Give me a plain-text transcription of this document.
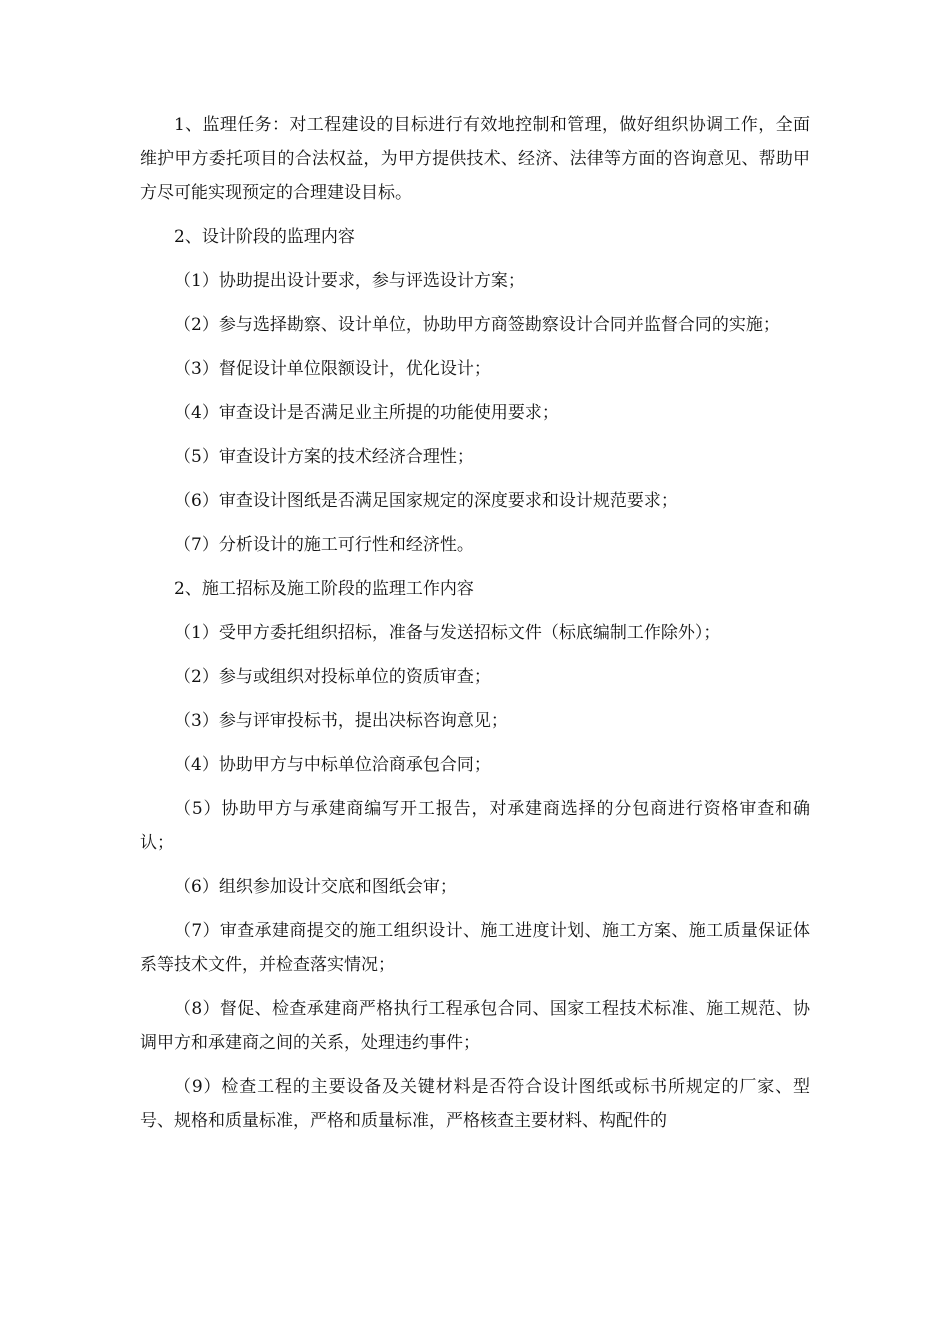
1、监理任务：对工程建设的目标进行有效地控制和管理，做好组织协调工作，全面维护甲方委托项目的合法权益，为甲方提供技术、经济、法律等方面的咨询意见、帮助甲方尽可能实现预定的合理建设目标。

2、设计阶段的监理内容

（1）协助提出设计要求，参与评选设计方案；

（2）参与选择勘察、设计单位，协助甲方商签勘察设计合同并监督合同的实施；

（3）督促设计单位限额设计，优化设计；

（4）审查设计是否满足业主所提的功能使用要求；

（5）审查设计方案的技术经济合理性；

（6）审查设计图纸是否满足国家规定的深度要求和设计规范要求；

（7）分析设计的施工可行性和经济性。

2、施工招标及施工阶段的监理工作内容

（1）受甲方委托组织招标，准备与发送招标文件（标底编制工作除外）；

（2）参与或组织对投标单位的资质审查；

（3）参与评审投标书，提出决标咨询意见；

（4）协助甲方与中标单位洽商承包合同；

（5）协助甲方与承建商编写开工报告，对承建商选择的分包商进行资格审查和确认；

（6）组织参加设计交底和图纸会审；

（7）审查承建商提交的施工组织设计、施工进度计划、施工方案、施工质量保证体系等技术文件，并检查落实情况；

（8）督促、检查承建商严格执行工程承包合同、国家工程技术标准、施工规范、协调甲方和承建商之间的关系，处理违约事件；

（9）检查工程的主要设备及关键材料是否符合设计图纸或标书所规定的厂家、型号、规格和质量标准，严格和质量标准，严格核查主要材料、构配件的
